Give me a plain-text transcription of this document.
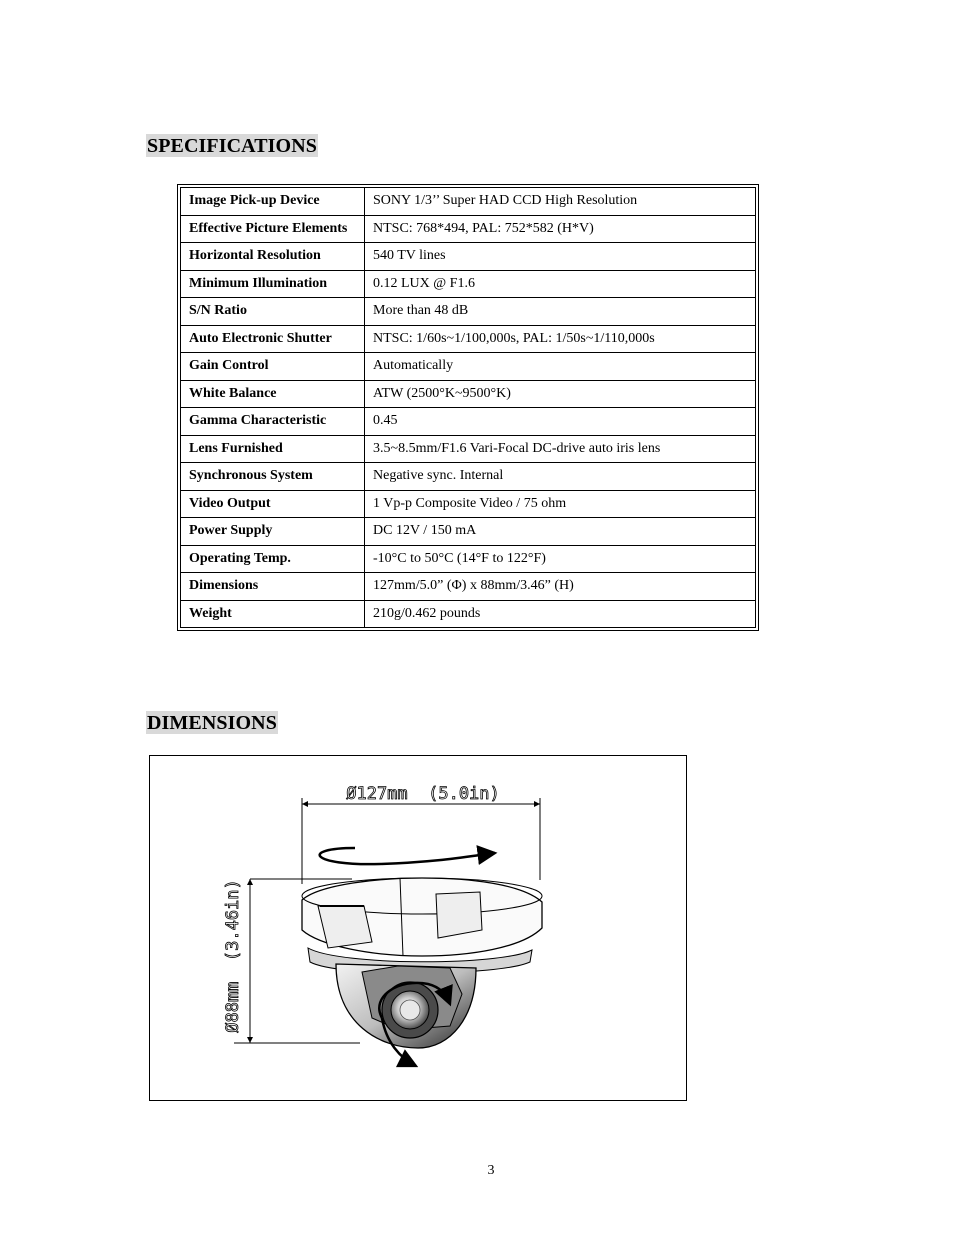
SPECIFICATIONS
Image Pick-up Device	SONY 1/3’’ Super HAD CCD High Resolution
Effective Picture Elements	NTSC: 768*494, PAL: 752*582 (H*V)
Horizontal Resolution	540 TV lines
Minimum Illumination	0.12 LUX @ F1.6
S/N Ratio	More than 48 dB
Auto Electronic Shutter	NTSC: 1/60s~1/100,000s, PAL: 1/50s~1/110,000s
Gain Control	Automatically
White Balance	ATW (2500°K~9500°K)
Gamma Characteristic	0.45
Lens Furnished	3.5~8.5mm/F1.6 Vari-Focal DC-drive auto iris lens
Synchronous System	Negative sync. Internal
Video Output	1 Vp-p Composite Video / 75 ohm
Power Supply	DC 12V / 150 mA
Operating Temp.	-10°C to 50°C (14°F to 122°F)
Dimensions	127mm/5.0” (Φ) x 88mm/3.46” (H)
Weight	210g/0.462 pounds
DIMENSIONS
Ø127mm  (5.0in)
Ø88mm  (3.46in)
3
